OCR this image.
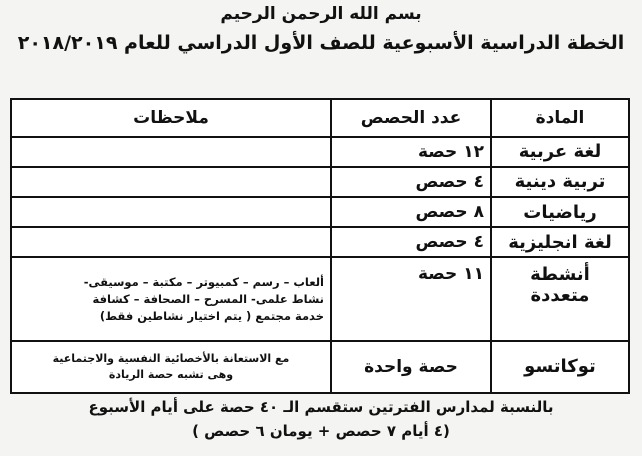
بسم الله الرحمن الرحيم
الخطة الدراسية الأسبوعية للصف الأول الدراسي للعام ٢٠١٨/٢٠١٩
المادة	عدد الحصص	ملاحظات
لغة عربية	١٢ حصة	
تربية دينية	٤ حصص	
رياضيات	٨ حصص	
لغة انجليزية	٤ حصص	
أنشطة متعددة	١١ حصة	ألعاب – رسم – كمبيوتر – مكتبة – موسيقى-
نشاط علمى- المسرح – الصحافة – كشافة
خدمة مجتمع ( يتم اختيار نشاطين فقط)

توكاتسو	حصة واحدة	مع الاستعانة بالأخصائية النفسية والاجتماعية
وهى تشبه حصة الريادة
بالنسبة لمدارس الفترتين ستقسم الـ ٤٠ حصة على أيام الأسبوع
(٤ أيام ٧ حصص + يومان ٦ حصص )
